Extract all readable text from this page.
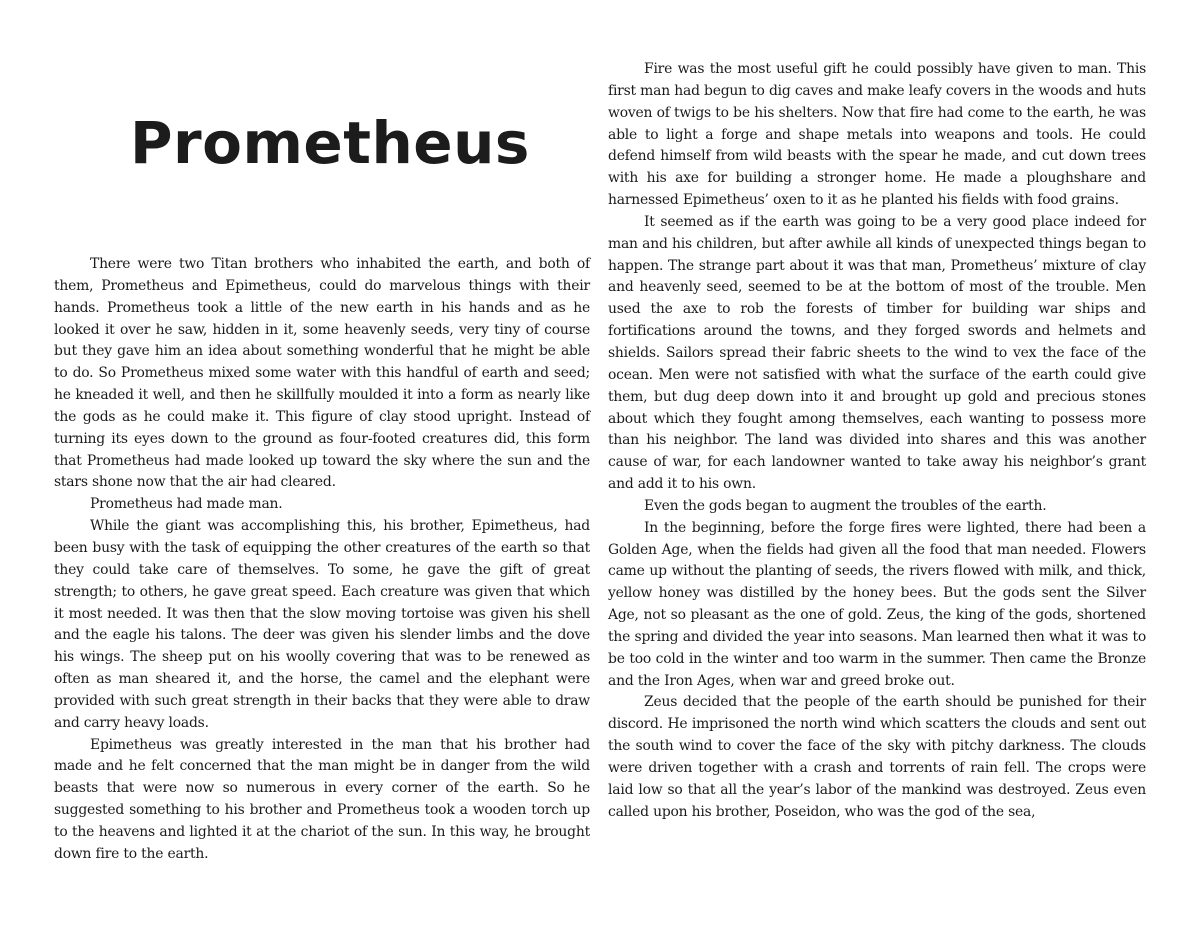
Prometheus

There were two Titan brothers who inhabited the earth, and both of them, Prometheus and Epimetheus, could do marvelous things with their hands. Prometheus took a little of the new earth in his hands and as he looked it over he saw, hidden in it, some heavenly seeds, very tiny of course but they gave him an idea about something wonderful that he might be able to do. So Prometheus mixed some water with this handful of earth and seed; he kneaded it well, and then he skillfully moulded it into a form as nearly like the gods as he could make it. This figure of clay stood upright. Instead of turning its eyes down to the ground as four-footed creatures did, this form that Prometheus had made looked up toward the sky where the sun and the stars shone now that the air had cleared.

Prometheus had made man.

While the giant was accomplishing this, his brother, Epimetheus, had been busy with the task of equipping the other creatures of the earth so that they could take care of themselves. To some, he gave the gift of great strength; to others, he gave great speed. Each creature was given that which it most needed. It was then that the slow moving tortoise was given his shell and the eagle his talons. The deer was given his slender limbs and the dove his wings. The sheep put on his woolly covering that was to be renewed as often as man sheared it, and the horse, the camel and the elephant were provided with such great strength in their backs that they were able to draw and carry heavy loads.

Epimetheus was greatly interested in the man that his brother had made and he felt concerned that the man might be in danger from the wild beasts that were now so numerous in every corner of the earth. So he suggested something to his brother and Prometheus took a wooden torch up to the heavens and lighted it at the chariot of the sun. In this way, he brought down fire to the earth.

Fire was the most useful gift he could possibly have given to man. This first man had begun to dig caves and make leafy covers in the woods and huts woven of twigs to be his shelters. Now that fire had come to the earth, he was able to light a forge and shape metals into weapons and tools. He could defend himself from wild beasts with the spear he made, and cut down trees with his axe for building a stronger home. He made a ploughshare and harnessed Epimetheus’ oxen to it as he planted his fields with food grains.

It seemed as if the earth was going to be a very good place indeed for man and his children, but after awhile all kinds of unexpected things began to happen. The strange part about it was that man, Prometheus’ mixture of clay and heavenly seed, seemed to be at the bottom of most of the trouble. Men used the axe to rob the forests of timber for building war ships and fortifications around the towns, and they forged swords and helmets and shields. Sailors spread their fabric sheets to the wind to vex the face of the ocean. Men were not satisfied with what the surface of the earth could give them, but dug deep down into it and brought up gold and precious stones about which they fought among themselves, each wanting to possess more than his neighbor. The land was divided into shares and this was another cause of war, for each landowner wanted to take away his neighbor’s grant and add it to his own.

Even the gods began to augment the troubles of the earth.

In the beginning, before the forge fires were lighted, there had been a Golden Age, when the fields had given all the food that man needed. Flowers came up without the planting of seeds, the rivers flowed with milk, and thick, yellow honey was distilled by the honey bees. But the gods sent the Silver Age, not so pleasant as the one of gold. Zeus, the king of the gods, shortened the spring and divided the year into seasons. Man learned then what it was to be too cold in the winter and too warm in the summer. Then came the Bronze and the Iron Ages, when war and greed broke out.

Zeus decided that the people of the earth should be punished for their discord. He imprisoned the north wind which scatters the clouds and sent out the south wind to cover the face of the sky with pitchy darkness. The clouds were driven together with a crash and torrents of rain fell. The crops were laid low so that all the year’s labor of the mankind was destroyed. Zeus even called upon his brother, Poseidon, who was the god of the sea,
